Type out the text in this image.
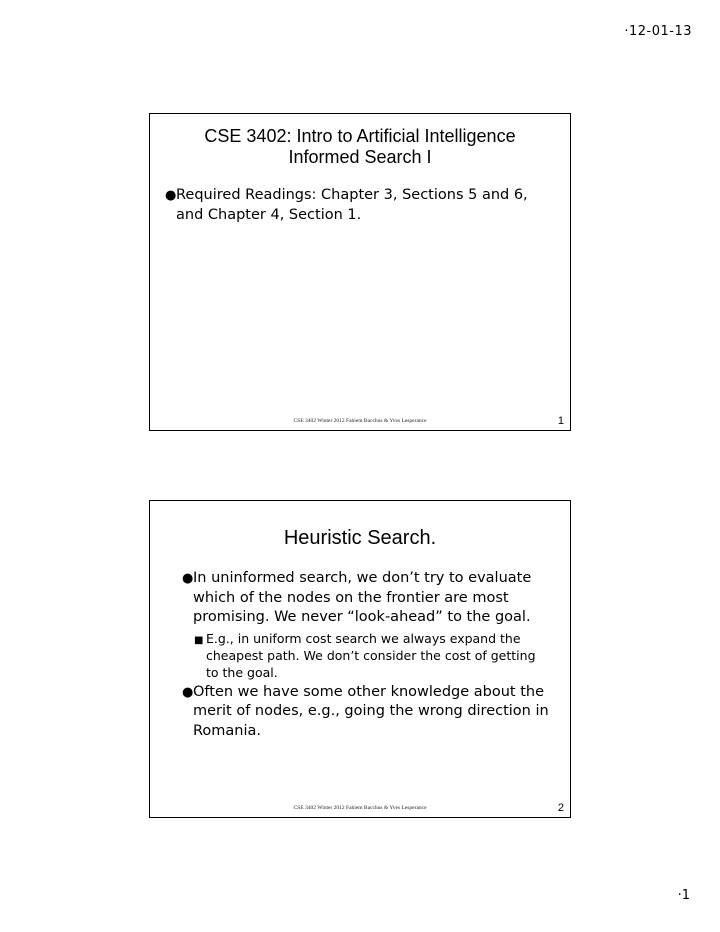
·12-01-13
CSE 3402: Intro to Artificial Intelligence
Informed Search I
● Required Readings: Chapter 3, Sections 5 and 6, and Chapter 4, Section 1.
CSE 3402 Winter 2012 Fahiem Bacchus & Yves Lesperance	1
Heuristic Search.
● In uninformed search, we don’t try to evaluate which of the nodes on the frontier are most promising. We never “look-ahead” to the goal.
■ E.g., in uniform cost search we always expand the cheapest path. We don’t consider the cost of getting to the goal.
● Often we have some other knowledge about the merit of nodes, e.g., going the wrong direction in Romania.
CSE 3402 Winter 2012 Fahiem Bacchus & Yves Lesperance	2
·1
